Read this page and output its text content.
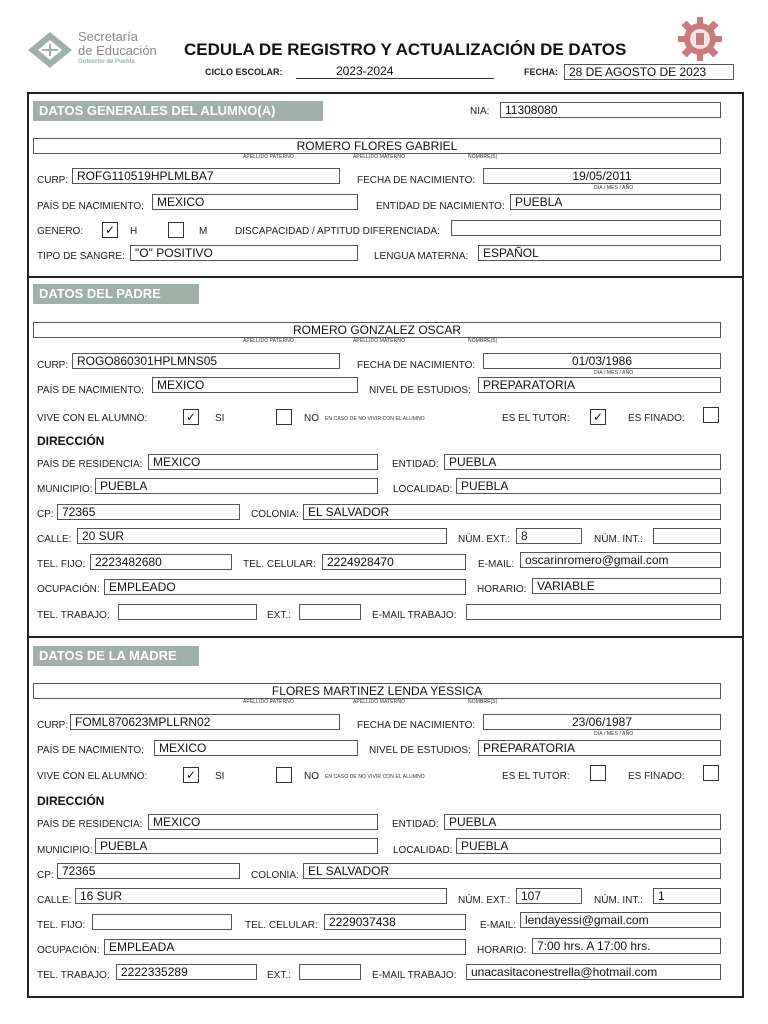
Secretaría
de Educación
Gobierno de Puebla
CEDULA DE REGISTRO Y ACTUALIZACIÓN DE DATOS
CICLO ESCOLAR:	2023-2024	FECHA: 28 DE AGOSTO DE 2023
DATOS GENERALES DEL ALUMNO(A)	NIA:	11308080
ROMERO FLORES GABRIEL
APELLIDO PATERNO	APELLIDO MATERNO	NOMBRE(S)
CURP: ROFG110519HPLMLBA7	FECHA DE NACIMIENTO:	19/05/2011
DÍA / MES / AÑO
PAÍS DE NACIMIENTO:	MEXICO	ENTIDAD DE NACIMIENTO: PUEBLA
GENERO: ✓ H	M	DISCAPACIDAD / APTITUD DIFERENCIADA:
TIPO DE SANGRE: "O" POSITIVO	LENGUA MATERNA:	ESPAÑOL
DATOS DEL PADRE
ROMERO GONZALEZ OSCAR
APELLIDO PATERNO	APELLIDO MATERNO	NOMBRE(S)
CURP: ROGO860301HPLMNS05	FECHA DE NACIMIENTO:	01/03/1986
DÍA / MES / AÑO
PAÍS DE NACIMIENTO:	MEXICO	NIVEL DE ESTUDIOS:	PREPARATORIA
VIVE CON EL ALUMNO:	✓ SI	NO EN CASO DE NO VIVIR CON EL ALUMNO	ES EL TUTOR: ✓ ES FINADO:
DIRECCIÓN
PAÍS DE RESIDENCIA: MEXICO	ENTIDAD: PUEBLA
MUNICIPIO: PUEBLA	LOCALIDAD: PUEBLA
CP: 72365	COLONIA: EL SALVADOR
CALLE: 20 SUR	NÚM. EXT.: 8	NÚM. INT.:
TEL. FIJO: 2223482680	TEL. CELULAR: 2224928470	E-MAIL: oscarinromero@gmail.com
OCUPACIÓN: EMPLEADO	HORARIO: VARIABLE
TEL. TRABAJO:	EXT.:	E-MAIL TRABAJO:
DATOS DE LA MADRE
FLORES MARTINEZ LENDA YESSICA
APELLIDO PATERNO	APELLIDO MATERNO	NOMBRE(S)
CURP: FOML870623MPLLRN02	FECHA DE NACIMIENTO:	23/06/1987
DÍA / MES / AÑO
PAÍS DE NACIMIENTO:	MEXICO	NIVEL DE ESTUDIOS:	PREPARATORIA
VIVE CON EL ALUMNO:	✓ SI	NO EN CASO DE NO VIVIR CON EL ALUMNO	ES EL TUTOR:	ES FINADO:
DIRECCIÓN
PAÍS DE RESIDENCIA: MEXICO	ENTIDAD: PUEBLA
MUNICIPIO: PUEBLA	LOCALIDAD: PUEBLA
CP: 72365	COLONIA: EL SALVADOR
CALLE: 16 SUR	NÚM. EXT.: 107	NÚM. INT.:	1
TEL. FIJO:	TEL. CELULAR: 2229037438	E-MAIL: lendayessi@gmail.com
OCUPACIÓN: EMPLEADA	HORARIO: 7:00 hrs. A 17:00 hrs.
TEL. TRABAJO: 2222335289	EXT.:	E-MAIL TRABAJO:	unacasitaconestrella@hotmail.com
